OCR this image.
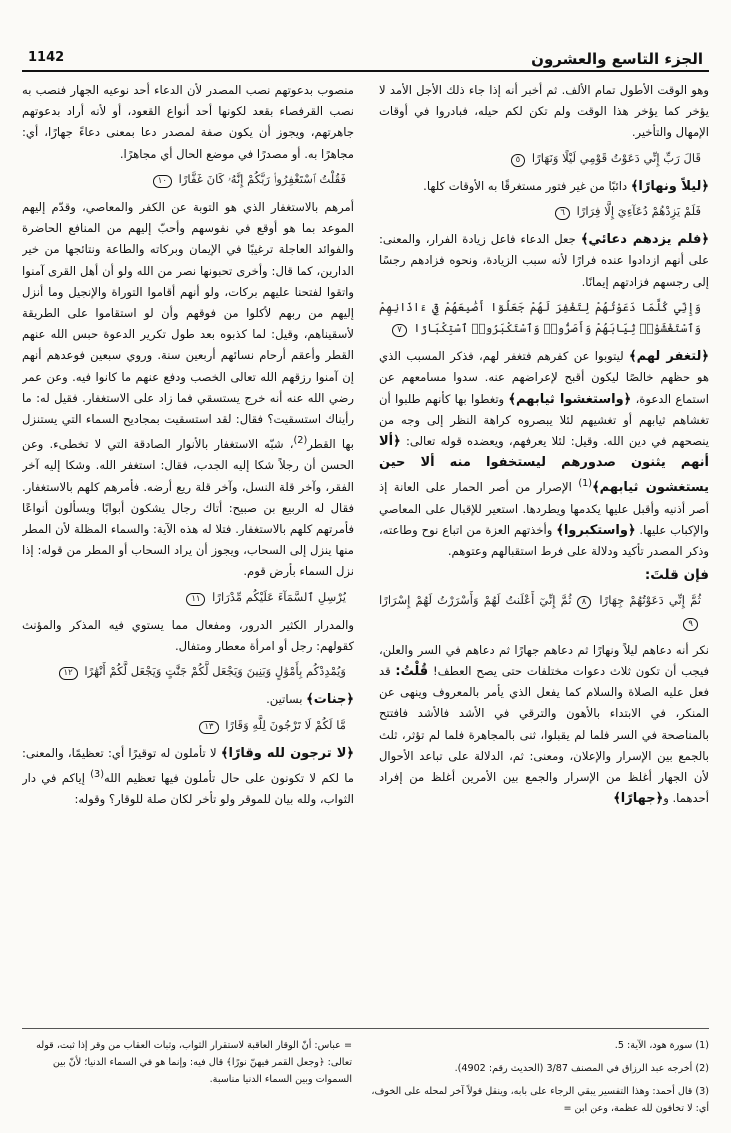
الجزء التاسع والعشرون
1142

وهو الوقت الأطول تمام الألف. ثم أخبر أنه إذا جاء ذلك الأجل الأمد لا يؤخر كما يؤخر هذا الوقت ولم تكن لكم حيله، فبادروا في أوقات الإمهال والتأخير.

قَالَ رَبِّ إِنِّي دَعَوْتُ قَوْمِي لَيْلًا وَنَهَارًا ٥

﴿ليلاً ونهارًا﴾ دائبًا من غير فتور مستغرقًا به الأوقات كلها.

فَلَمْ يَزِدْهُمْ دُعَآءِيَ إِلَّا فِرَارًا ٦

﴿فلم يزدهم دعائي﴾ جعل الدعاء فاعل زيادة الفرار، والمعنى: على أنهم ازدادوا عنده فرارًا لأنه سبب الزيادة، ونحوه فزادهم رجسًا إلى رجسهم فزادتهم إيمانًا.

وَإِنِّي كُلَّمَا دَعَوْتُهُمْ لِتَغْفِرَ لَهُمْ جَعَلُوٓا أَصَٰبِعَهُمْ فِيٓ ءَاذَانِهِمْ وَٱسْتَغْشَوْا۟ ثِيَابَهُمْ وَأَصَرُّوا۟ وَٱسْتَكْبَرُوا۟ ٱسْتِكْبَارًا ٧

﴿لتغفر لهم﴾ ليتوبوا عن كفرهم فتغفر لهم، فذكر المسبب الذي هو حظهم خالصًا ليكون أقبح لإعراضهم عنه. سدوا مسامعهم عن استماع الدعوة، ﴿واستغشوا ثيابهم﴾ وتغطوا بها كأنهم طلبوا أن تغشاهم ثيابهم أو تغشيهم لئلا يبصروه كراهة النظر إلى وجه من ينصحهم في دين الله. وقيل: لئلا يعرفهم، ويعضده قوله تعالى: ﴿ألا أنهم يثنون صدورهم ليستخفوا منه ألا حين يستغشون ثيابهم﴾$^{(1)}$ الإصرار من أصر الحمار على العانة إذ أصر أذنيه وأقبل عليها يكدمها ويطردها. استعير للإقبال على المعاصي والإكباب عليها. ﴿واستكبروا﴾ وأخذتهم العزة من اتباع نوح وطاعته، وذكر المصدر تأكيد ودلالة على فرط استقبالهم وعتوهم.

فإن قلتَ:
ثُمَّ إِنِّي دَعَوْتُهُمْ جِهَارًا ٨ ثُمَّ إِنِّيٓ أَعْلَنتُ لَهُمْ وَأَسْرَرْتُ لَهُمْ إِسْرَارًا ٩

نكر أنه دعاهم ليلاً ونهارًا ثم دعاهم جهارًا ثم دعاهم في السر والعلن، فيجب أن تكون ثلاث دعوات مختلفات حتى يصح العطف! قُلْتُ: قد فعل عليه الصلاة والسلام كما يفعل الذي يأمر بالمعروف وينهى عن المنكر، في الابتداء بالأهون والترقي في الأشد فالأشد فافتتح بالمناصحة في السر فلما لم يقبلوا، ثنى بالمجاهرة فلما لم تؤثر، ثلث بالجمع بين الإسرار والإعلان، ومعنى: ثم، الدلالة على تباعد الأحوال لأن الجهار أغلظ من الإسرار والجمع بين الأمرين أغلظ من إفراد أحدهما. و﴿جهارًا﴾

منصوب بدعوتهم نصب المصدر لأن الدعاء أحد نوعيه الجهار فنصب به نصب القرفصاء بقعد لكونها أحد أنواع القعود، أو لأنه أراد بدعوتهم جاهرتهم، ويجوز أن يكون صفة لمصدر دعا بمعنى دعاءً جهارًا، أي: مجاهرًا به. أو مصدرًا في موضع الحال أي مجاهرًا.

فَقُلْتُ ٱسْتَغْفِرُوا۟ رَبَّكُمْ إِنَّهُۥ كَانَ غَفَّارًا ١٠

أمرهم بالاستغفار الذي هو التوبة عن الكفر والمعاصي، وقدّم إليهم الموعد بما هو أوقع في نفوسهم وأحبّ إليهم من المنافع الحاضرة والفوائد العاجلة ترغيبًا في الإيمان وبركاته والطاعة ونتائجها من خير الدارين، كما قال: وأخرى تحبونها نصر من الله ولو أن أهل القرى آمنوا واتقوا لفتحنا عليهم بركات، ولو أنهم أقاموا التوراة والإنجيل وما أنزل إليهم من ربهم لأكلوا من فوقهم وأن لو استقاموا على الطريقة لأسقيناهم، وقيل: لما كذبوه بعد طول تكرير الدعوة حبس الله عنهم القطر وأعقم أرحام نسائهم أربعين سنة. وروي سبعين فوعدهم أنهم إن آمنوا رزقهم الله تعالى الخصب ودفع عنهم ما كانوا فيه. وعن عمر رضي الله عنه أنه خرج يستسقي فما زاد على الاستغفار. فقيل له: ما رأيناك استسقيت؟ فقال: لقد استسقيت بمجاديح السماء التي يستنزل بها القطر$^{(2)}$، شبّه الاستغفار بالأنوار الصادقة التي لا تخطىء. وعن الحسن أن رجلاً شكا إليه الجدب، فقال: استغفر الله. وشكا إليه آخر الفقر، وآخر قلة النسل، وآخر قلة ريع أرضه. فأمرهم كلهم بالاستغفار. فقال له الربيع بن صبيح: أتاك رجال يشكون أبوابًا ويسألون أنواعًا فأمرتهم كلهم بالاستغفار. فتلا له هذه الآية: والسماء المظلة لأن المطر منها ينزل إلى السحاب، ويجوز أن يراد السحاب أو المطر من قوله: إذا نزل السماء بأرض قوم.

يُرْسِلِ ٱلسَّمَآءَ عَلَيْكُم مِّدْرَارًا ١١

والمدرار الكثير الدرور، ومفعال مما يستوي فيه المذكر والمؤنث كقولهم: رجل أو امرأة معطار ومتفال.

وَيُمْدِدْكُم بِأَمْوَٰلٍ وَبَنِينَ وَيَجْعَل لَّكُمْ جَنَّٰتٍ وَيَجْعَل لَّكُمْ أَنْهَٰرًا ١٢

﴿جنات﴾ بساتين.

مَّا لَكُمْ لَا تَرْجُونَ لِلَّهِ وَقَارًا ١٣

﴿لا ترجون لله وقارًا﴾ لا تأملون له توقيرًا أي: تعظيمًا، والمعنى: ما لكم لا تكونون على حال تأملون فيها تعظيم الله$^{(3)}$ إياكم في دار الثواب، ولله بيان للموقر ولو تأخر لكان صلة للوقار؟ وقوله:

(1) سورة هود، الآية: 5.

(2) أخرجه عبد الرزاق في المصنف 3/87 (الحديث رقم: 4902).

(3) قال أحمد: وهذا التفسير يبقي الرجاء على بابه، وينقل قولاً آخر لمحله على الخوف، أي: لا تخافون لله عظمة، وعن ابن =

= عباس: أنّ الوقار العاقبة لاستقرار الثواب، وثبات العقاب من وقر إذا ثبت، قوله تعالى: ﴿وجعل القمر فيهنّ نورًا﴾ قال فيه: وإنما هو في السماء الدنيا؛ لأنّ بين السموات وبين السماء الدنيا مناسبة.
